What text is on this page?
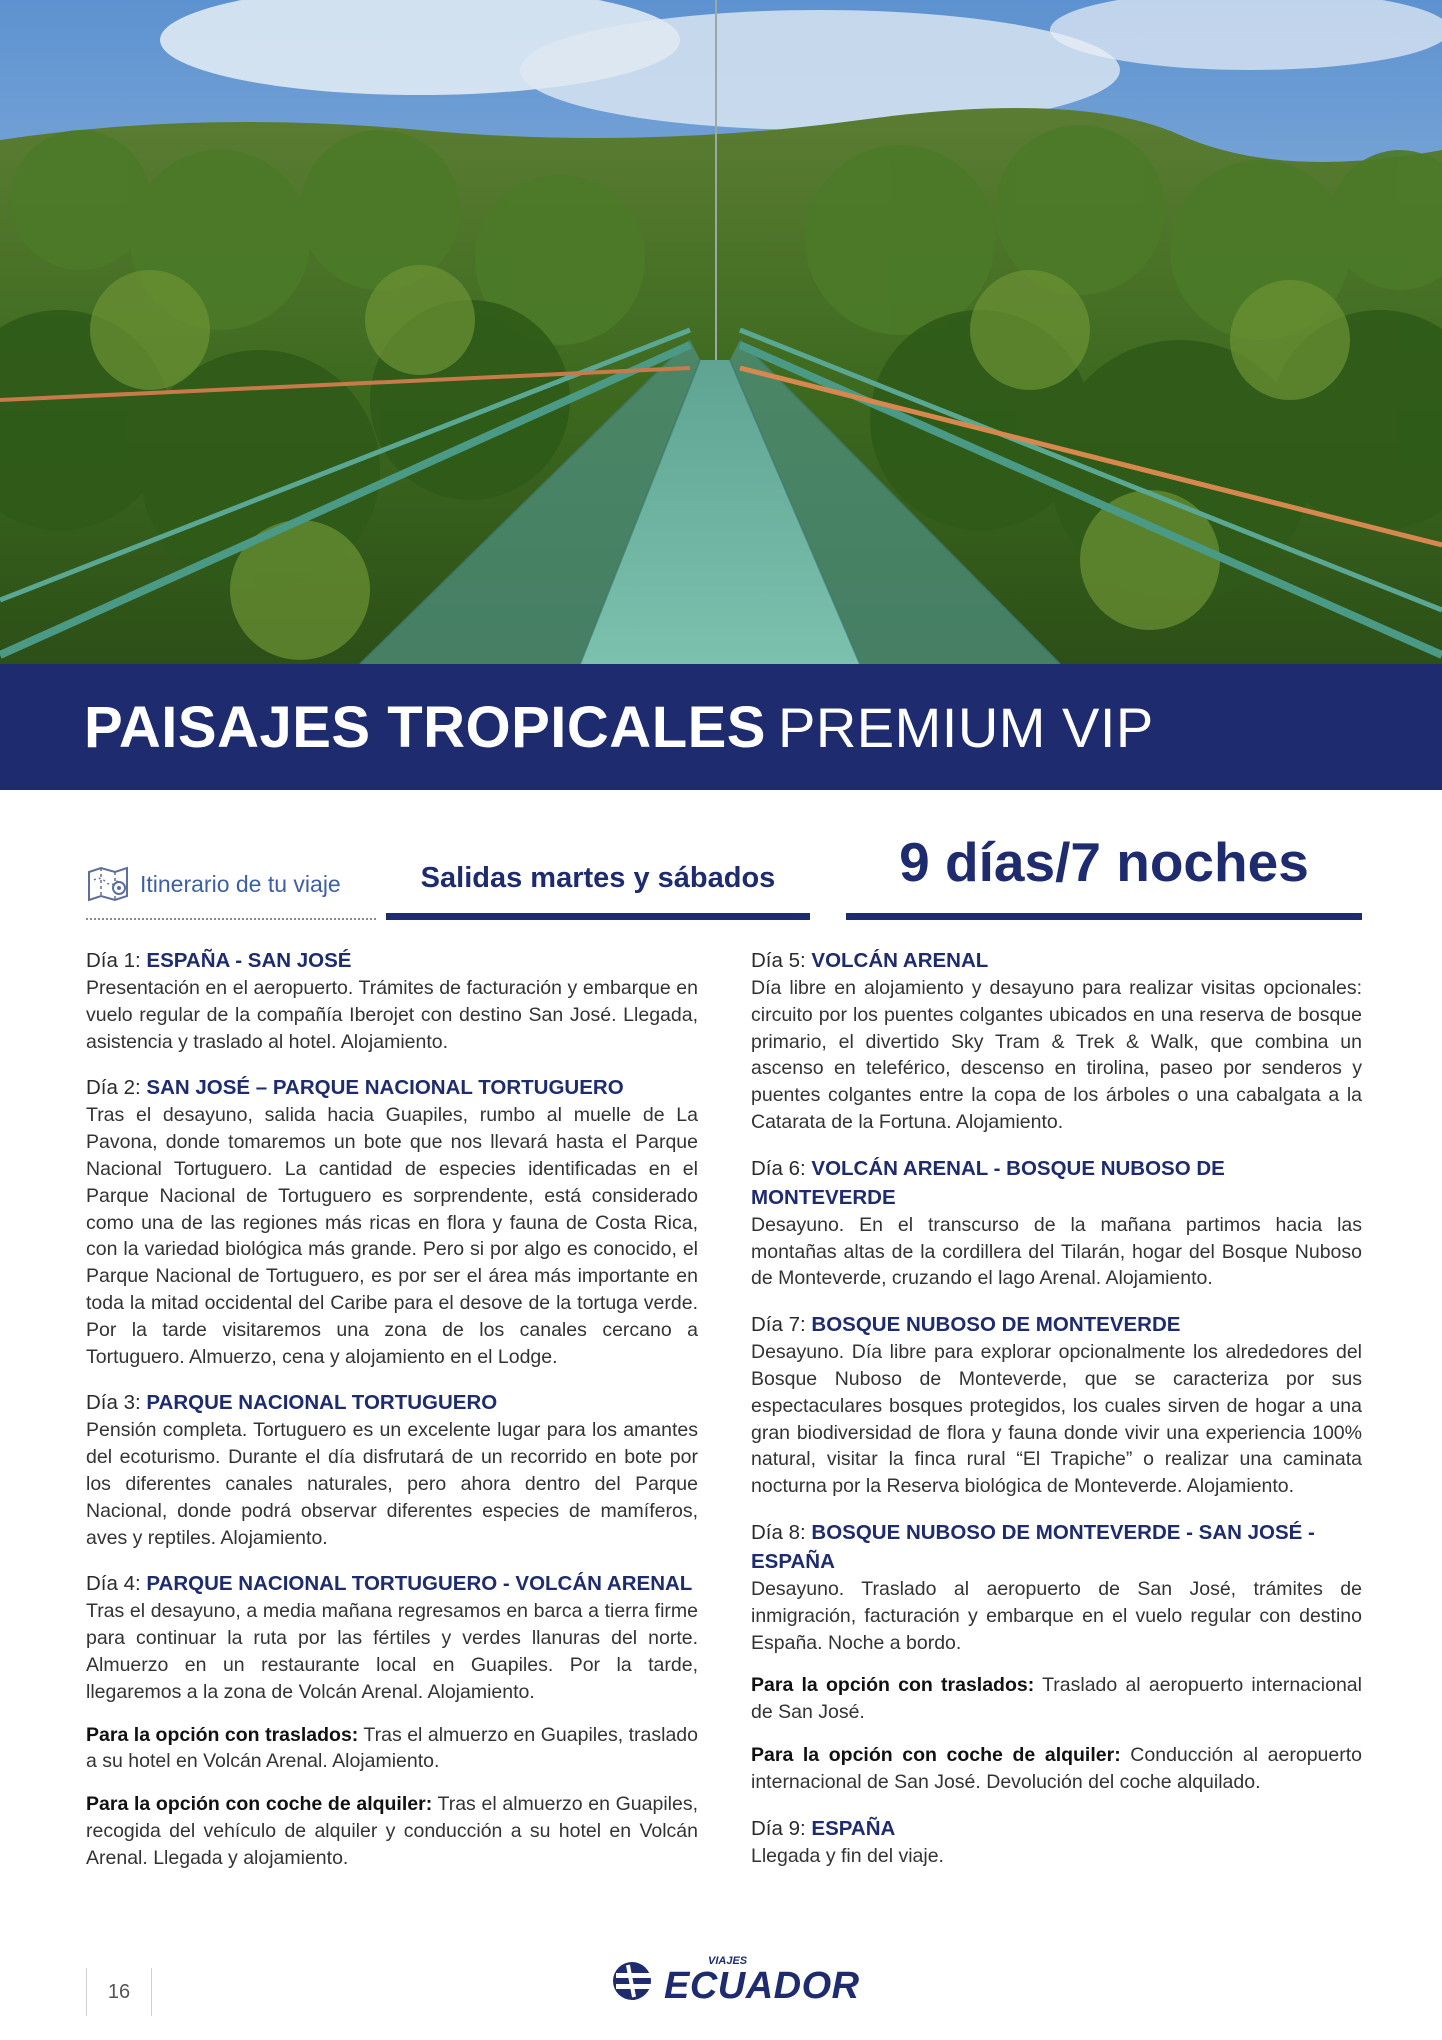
PAISAJES TROPICALES PREMIUM VIP
Itinerario de tu viaje	Salidas martes y sábados	9 días/7 noches
Día 1: ESPAÑA - SAN JOSÉ

Presentación en el aeropuerto. Trámites de facturación y embarque en vuelo regular de la compañía Iberojet con destino San José. Llegada, asistencia y traslado al hotel. Alojamiento.

Día 2: SAN JOSÉ – PARQUE NACIONAL TORTUGUERO

Tras el desayuno, salida hacia Guapiles, rumbo al muelle de La Pavona, donde tomaremos un bote que nos llevará hasta el Parque Nacional Tortuguero. La cantidad de especies identificadas en el Parque Nacional de Tortuguero es sorprendente, está considerado como una de las regiones más ricas en flora y fauna de Costa Rica, con la variedad biológica más grande. Pero si por algo es conocido, el Parque Nacional de Tortuguero, es por ser el área más importante en toda la mitad occidental del Caribe para el desove de la tortuga verde. Por la tarde visitaremos una zona de los canales cercano a Tortuguero. Almuerzo, cena y alojamiento en el Lodge.

Día 3: PARQUE NACIONAL TORTUGUERO

Pensión completa. Tortuguero es un excelente lugar para los amantes del ecoturismo. Durante el día disfrutará de un recorrido en bote por los diferentes canales naturales, pero ahora dentro del Parque Nacional, donde podrá observar diferentes especies de mamíferos, aves y reptiles. Alojamiento.

Día 4: PARQUE NACIONAL TORTUGUERO - VOLCÁN ARENAL

Tras el desayuno, a media mañana regresamos en barca a tierra firme para continuar la ruta por las fértiles y verdes llanuras del norte. Almuerzo en un restaurante local en Guapiles. Por la tarde, llegaremos a la zona de Volcán Arenal. Alojamiento.

Para la opción con traslados: Tras el almuerzo en Guapiles, traslado a su hotel en Volcán Arenal. Alojamiento.

Para la opción con coche de alquiler: Tras el almuerzo en Guapiles, recogida del vehículo de alquiler y conducción a su hotel en Volcán Arenal. Llegada y alojamiento.

Día 5: VOLCÁN ARENAL

Día libre en alojamiento y desayuno para realizar visitas opcionales: circuito por los puentes colgantes ubicados en una reserva de bosque primario, el divertido Sky Tram & Trek & Walk, que combina un ascenso en teleférico, descenso en tirolina, paseo por senderos y puentes colgantes entre la copa de los árboles o una cabalgata a la Catarata de la Fortuna. Alojamiento.

Día 6: VOLCÁN ARENAL - BOSQUE NUBOSO DE MONTEVERDE

Desayuno. En el transcurso de la mañana partimos hacia las montañas altas de la cordillera del Tilarán, hogar del Bosque Nuboso de Monteverde, cruzando el lago Arenal. Alojamiento.

Día 7: BOSQUE NUBOSO DE MONTEVERDE

Desayuno. Día libre para explorar opcionalmente los alrededores del Bosque Nuboso de Monteverde, que se caracteriza por sus espectaculares bosques protegidos, los cuales sirven de hogar a una gran biodiversidad de flora y fauna donde vivir una experiencia 100% natural, visitar la finca rural “El Trapiche” o realizar una caminata nocturna por la Reserva biológica de Monteverde. Alojamiento.

Día 8: BOSQUE NUBOSO DE MONTEVERDE - SAN JOSÉ - ESPAÑA

Desayuno. Traslado al aeropuerto de San José, trámites de inmigración, facturación y embarque en el vuelo regular con destino España. Noche a bordo.

Para la opción con traslados: Traslado al aeropuerto internacional de San José.

Para la opción con coche de alquiler: Conducción al aeropuerto internacional de San José. Devolución del coche alquilado.

Día 9: ESPAÑA

Llegada y fin del viaje.

16
VIAJES
ECUADOR
